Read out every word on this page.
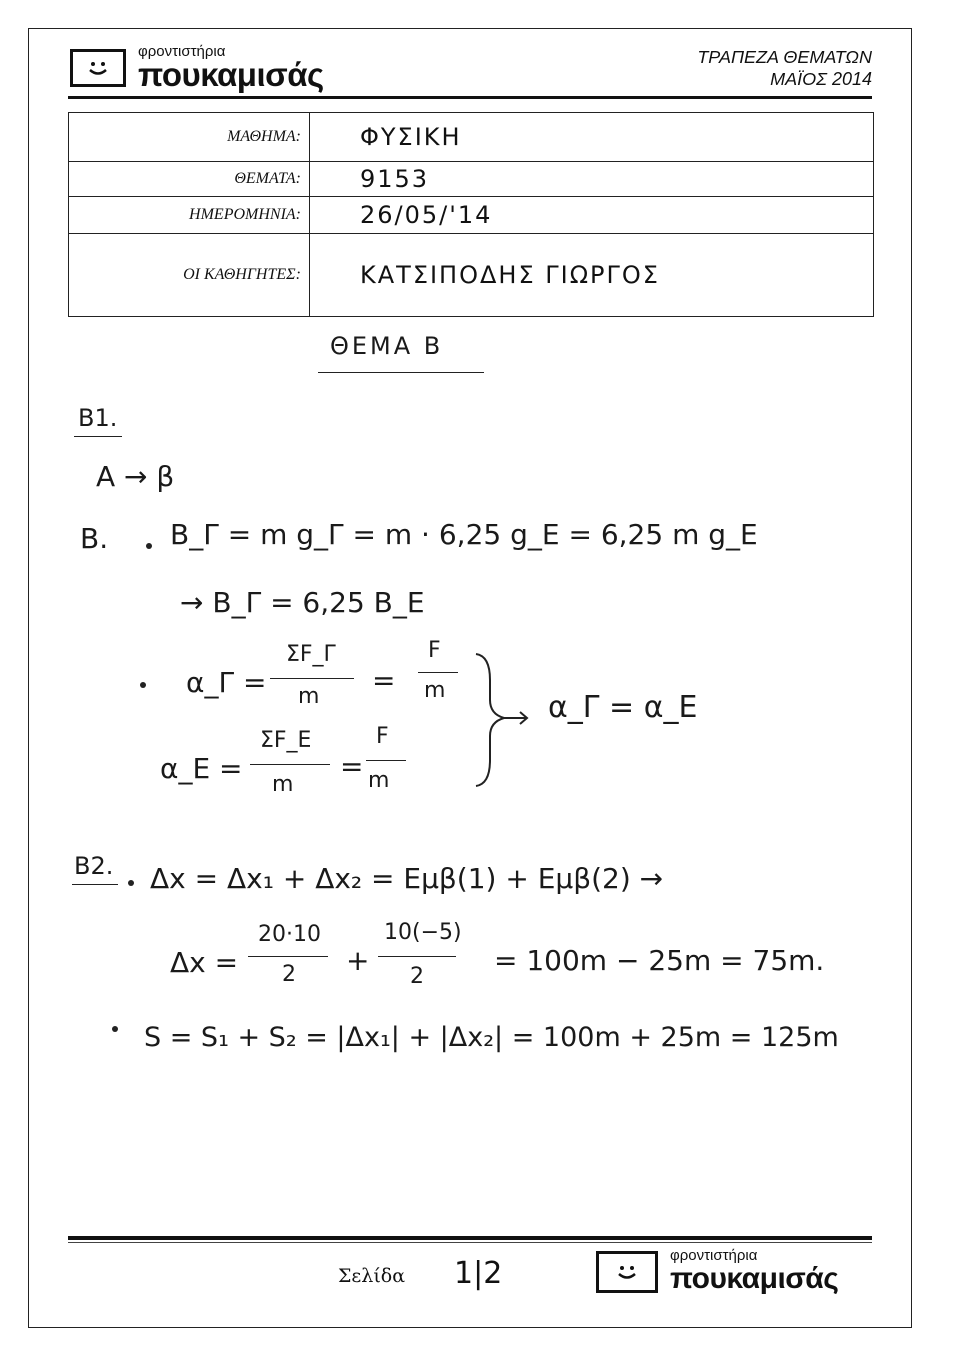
φροντιστήρια
πουκαμισάς	ΤΡΑΠΕΖΑ ΘΕΜΑΤΩΝ
ΜΑΪΟΣ 2014
ΜΑΘΗΜΑ:	ΦΥΣΙΚΗ
ΘΕΜΑΤΑ:	9153
ΗΜΕΡΟΜΗΝΙΑ:	26/05/'14
ΟΙ ΚΑΘΗΓΗΤΕΣ:	ΚΑΤΣΙΠΟΔΗΣ ΓΙΩΡΓΟΣ
ΘΕΜΑ Β
Β1.
Α → β
Β. Β_Γ = m g_Γ = m · 6,25 g_Ε = 6,25 m g_Ε
→ Β_Γ = 6,25 Β_Ε
α_Γ =
ΣF_Γ
m =
F
m
α_Ε =
ΣF_Ε
m
=
F
m
α_Γ = α_Ε
Β2. Δx = Δx₁ + Δx₂ = Εμβ(1) + Εμβ(2) →
Δx =
20·10
2 +
10(−5)
2	= 100m − 25m = 75m.
S = S₁ + S₂ = |Δx₁| + |Δx₂| = 100m + 25m = 125m
Σελίδα 1|2
φροντιστήρια
πουκαμισάς
